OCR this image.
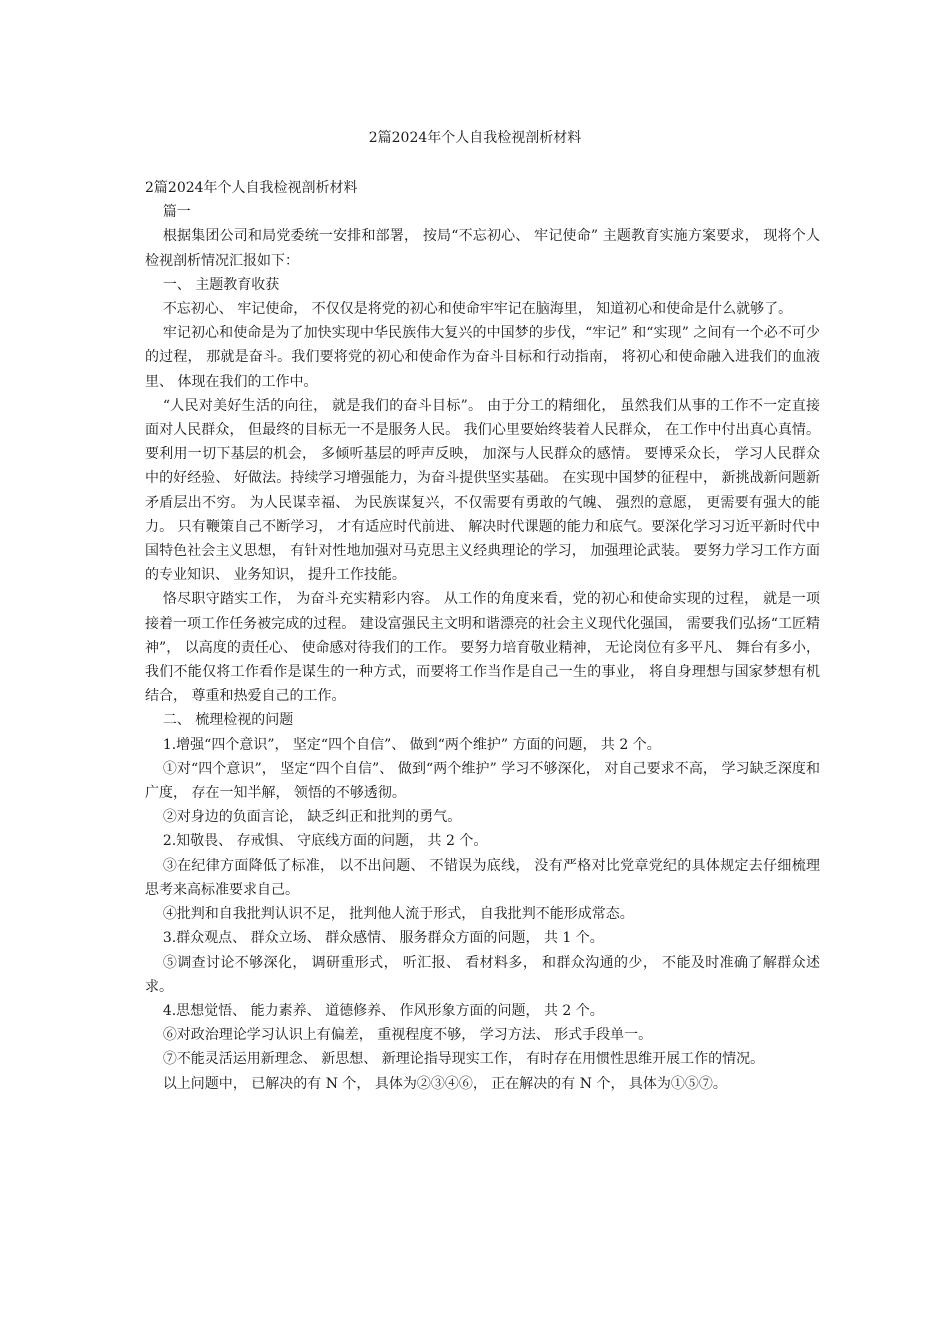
2篇2024年个人自我检视剖析材料

2篇2024年个人自我检视剖析材料

篇一

根据集团公司和局党委统一安排和部署， 按局“不忘初心、 牢记使命” 主题教育实施方案要求， 现将个人检视剖析情况汇报如下：

一、 主题教育收获

不忘初心、 牢记使命， 不仅仅是将党的初心和使命牢牢记在脑海里， 知道初心和使命是什么就够了。

牢记初心和使命是为了加快实现中华民族伟大复兴的中国梦的步伐，“牢记” 和“实现” 之间有一个必不可少的过程， 那就是奋斗。我们要将党的初心和使命作为奋斗目标和行动指南， 将初心和使命融入进我们的血液里、 体现在我们的工作中。

“人民对美好生活的向往， 就是我们的奋斗目标”。 由于分工的精细化， 虽然我们从事的工作不一定直接面对人民群众， 但最终的目标无一不是服务人民。 我们心里要始终装着人民群众， 在工作中付出真心真情。 要利用一切下基层的机会， 多倾听基层的呼声反映， 加深与人民群众的感情。 要博采众长， 学习人民群众中的好经验、 好做法。持续学习增强能力，为奋斗提供坚实基础。 在实现中国梦的征程中， 新挑战新问题新矛盾层出不穷。 为人民谋幸福、 为民族谋复兴，不仅需要有勇敢的气魄、 强烈的意愿， 更需要有强大的能力。 只有鞭策自己不断学习， 才有适应时代前进、 解决时代课题的能力和底气。要深化学习习近平新时代中国特色社会主义思想， 有针对性地加强对马克思主义经典理论的学习， 加强理论武装。 要努力学习工作方面的专业知识、 业务知识， 提升工作技能。

恪尽职守踏实工作， 为奋斗充实精彩内容。 从工作的角度来看，党的初心和使命实现的过程， 就是一项接着一项工作任务被完成的过程。 建设富强民主文明和谐漂亮的社会主义现代化强国， 需要我们弘扬“工匠精神”， 以高度的责任心、 使命感对待我们的工作。 要努力培育敬业精神， 无论岗位有多平凡、 舞台有多小， 我们不能仅将工作看作是谋生的一种方式，而要将工作当作是自己一生的事业， 将自身理想与国家梦想有机结合， 尊重和热爱自己的工作。

二、 梳理检视的问题

1.增强“四个意识”， 坚定“四个自信”、 做到“两个维护” 方面的问题， 共 2 个。

①对“四个意识”， 坚定“四个自信”、 做到“两个维护” 学习不够深化， 对自己要求不高， 学习缺乏深度和广度， 存在一知半解， 领悟的不够透彻。

②对身边的负面言论， 缺乏纠正和批判的勇气。

2.知敬畏、 存戒惧、 守底线方面的问题， 共 2 个。

③在纪律方面降低了标准， 以不出问题、 不错误为底线， 没有严格对比党章党纪的具体规定去仔细梳理思考来高标准要求自己。

④批判和自我批判认识不足， 批判他人流于形式， 自我批判不能形成常态。

3.群众观点、 群众立场、 群众感情、 服务群众方面的问题， 共 1 个。

⑤调查讨论不够深化， 调研重形式， 听汇报、 看材料多， 和群众沟通的少， 不能及时准确了解群众述求。

4.思想觉悟、 能力素养、 道德修养、 作风形象方面的问题， 共 2 个。

⑥对政治理论学习认识上有偏差， 重视程度不够， 学习方法、 形式手段单一。

⑦不能灵活运用新理念、 新思想、 新理论指导现实工作， 有时存在用惯性思维开展工作的情况。

以上问题中， 已解决的有 N 个， 具体为②③④⑥， 正在解决的有 N 个， 具体为①⑤⑦。
